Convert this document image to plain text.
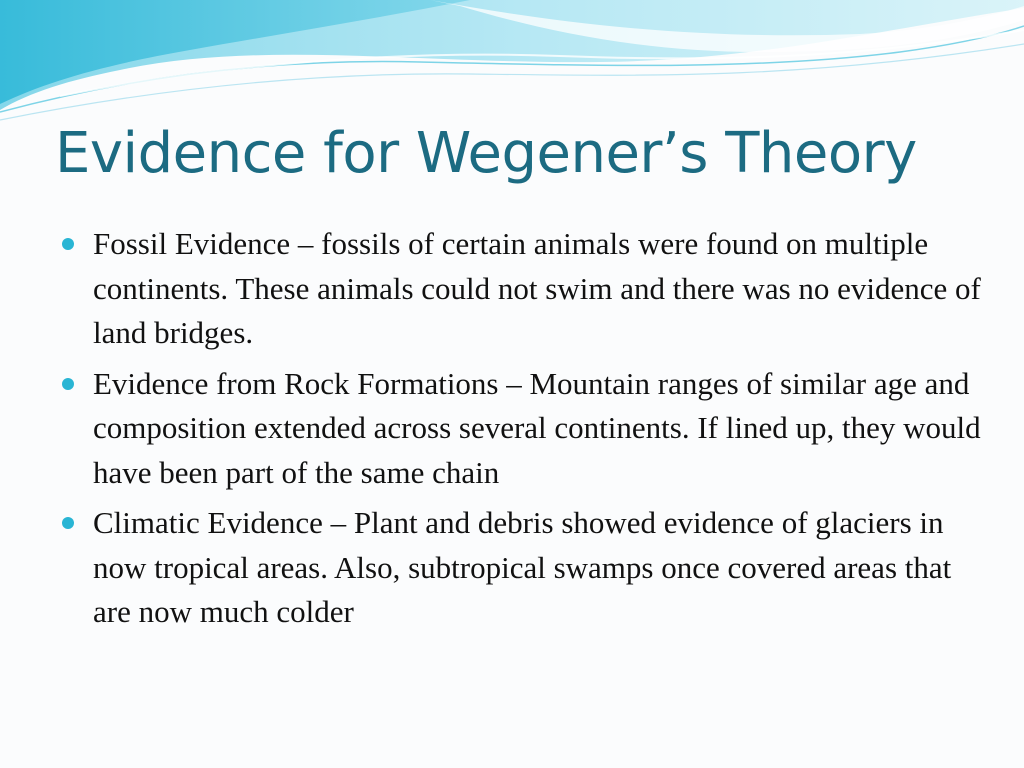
Evidence for Wegener’s Theory
Fossil Evidence – fossils of certain animals were found on multiple continents. These animals could not swim and there was no evidence of land bridges.
Evidence from Rock Formations – Mountain ranges of similar age and composition extended across several continents. If lined up, they would have been part of the same chain
Climatic Evidence – Plant and debris showed evidence of glaciers in now tropical areas. Also, subtropical swamps once covered areas that are now much colder
